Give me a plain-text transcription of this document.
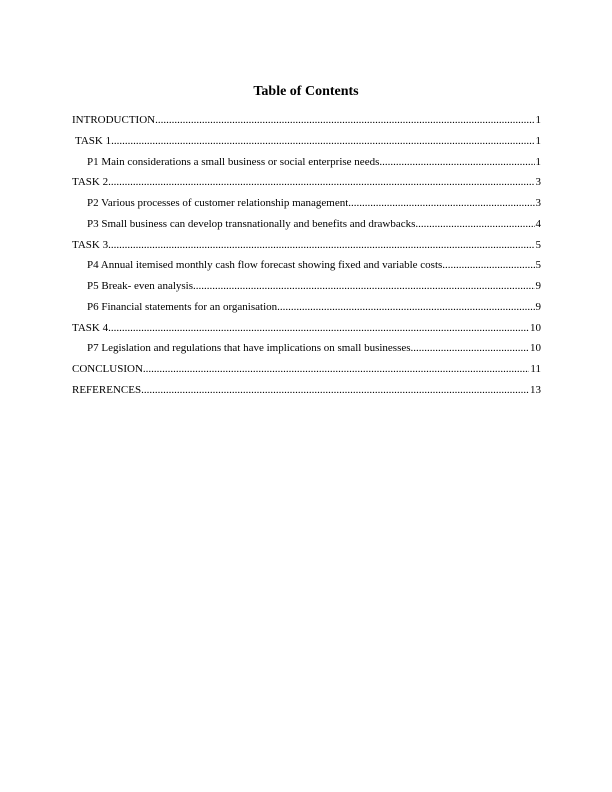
Table of Contents
INTRODUCTION .....	1
TASK 1 .....	1
P1 Main considerations a small business or social enterprise needs .....	1
TASK 2 .....	3
P2 Various processes of customer relationship management .....	3
P3 Small business can develop transnationally and benefits and drawbacks .....	4
TASK 3 .....	5
P4 Annual itemised monthly cash flow forecast showing fixed and variable costs .....	5
P5 Break- even analysis .....	9
P6 Financial statements for an organisation .....	9
TASK 4 .....	10
P7 Legislation and regulations that have implications on small businesses .....	10
CONCLUSION .....	11
REFERENCES .....	13
